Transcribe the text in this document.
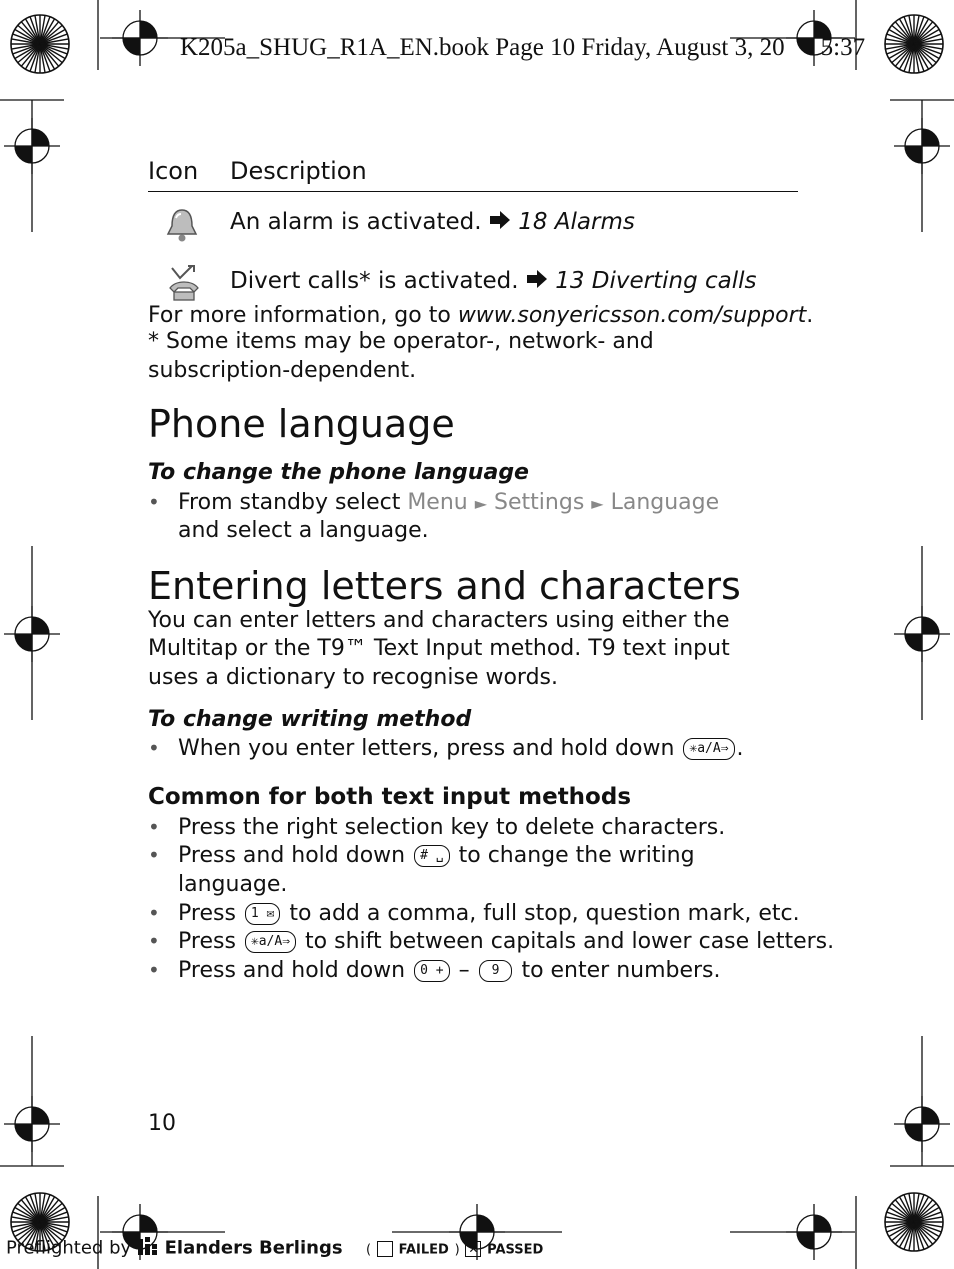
K205a_SHUG_R1A_EN.book Page 10 Friday, August 3, 20 5:37
Icon Description
An alarm is activated. 18 Alarms
Divert calls* is activated. 13 Diverting calls
For more information, go to www.sonyericsson.com/support.
* Some items may be operator-, network- and
subscription-dependent.
Phone language
To change the phone language
• From standby select Menu ► Settings ► Language
and select a language.
Entering letters and characters
You can enter letters and characters using either the
Multitap or the T9™ Text Input method. T9 text input
uses a dictionary to recognise words.
To change writing method
• When you enter letters, press and hold down ✳a/A⇒ .
Common for both text input methods
• Press the right selection key to delete characters.
• Press and hold down # ␣ to change the writing
language.
• Press 1 ✉ to add a comma, full stop, question mark, etc.
• Press ✳a/A⇒ to shift between capitals and lower case letters.
• Press and hold down 0 + – 9 to enter numbers.
10
Preflighted by Elanders Berlings ( FAILED ) ✕ PASSED
